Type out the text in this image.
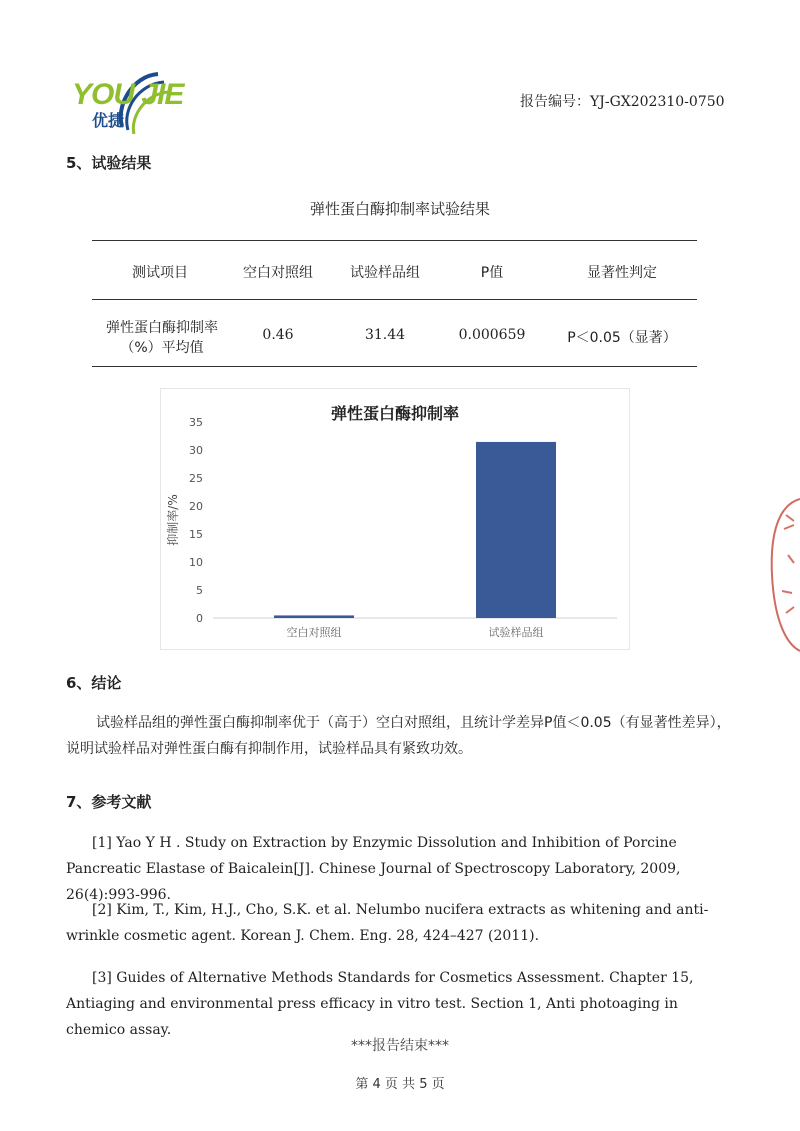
YOU JIE
优捷
报告编号：YJ-GX202310-0750
5、试验结果
弹性蛋白酶抑制率试验结果
测试项目	空白对照组	试验样品组	P值	显著性判定
弹性蛋白酶抑制率
（%）平均值
0.46	31.44	0.000659	P＜0.05（显著）
弹性蛋白酶抑制率
0
5
10
15
20
25
30
35
抑制率/%
空白对照组	试验样品组
6、结论
试验样品组的弹性蛋白酶抑制率优于（高于）空白对照组，且统计学差异P值＜0.05（有显著性差异），说明试验样品对弹性蛋白酶有抑制作用，试验样品具有紧致功效。
7、参考文献
[1] Yao Y H . Study on Extraction by Enzymic Dissolution and Inhibition of Porcine Pancreatic Elastase of Baicalein[J]. Chinese Journal of Spectroscopy Laboratory, 2009, 26(4):993-996.
[2] Kim, T., Kim, H.J., Cho, S.K. et al. Nelumbo nucifera extracts as whitening and anti-wrinkle cosmetic agent. Korean J. Chem. Eng. 28, 424–427 (2011).
[3] Guides of Alternative Methods Standards for Cosmetics Assessment. Chapter 15, Antiaging and environmental press efficacy in vitro test. Section 1, Anti photoaging in chemico assay.
***报告结束***
第 4 页 共 5 页
